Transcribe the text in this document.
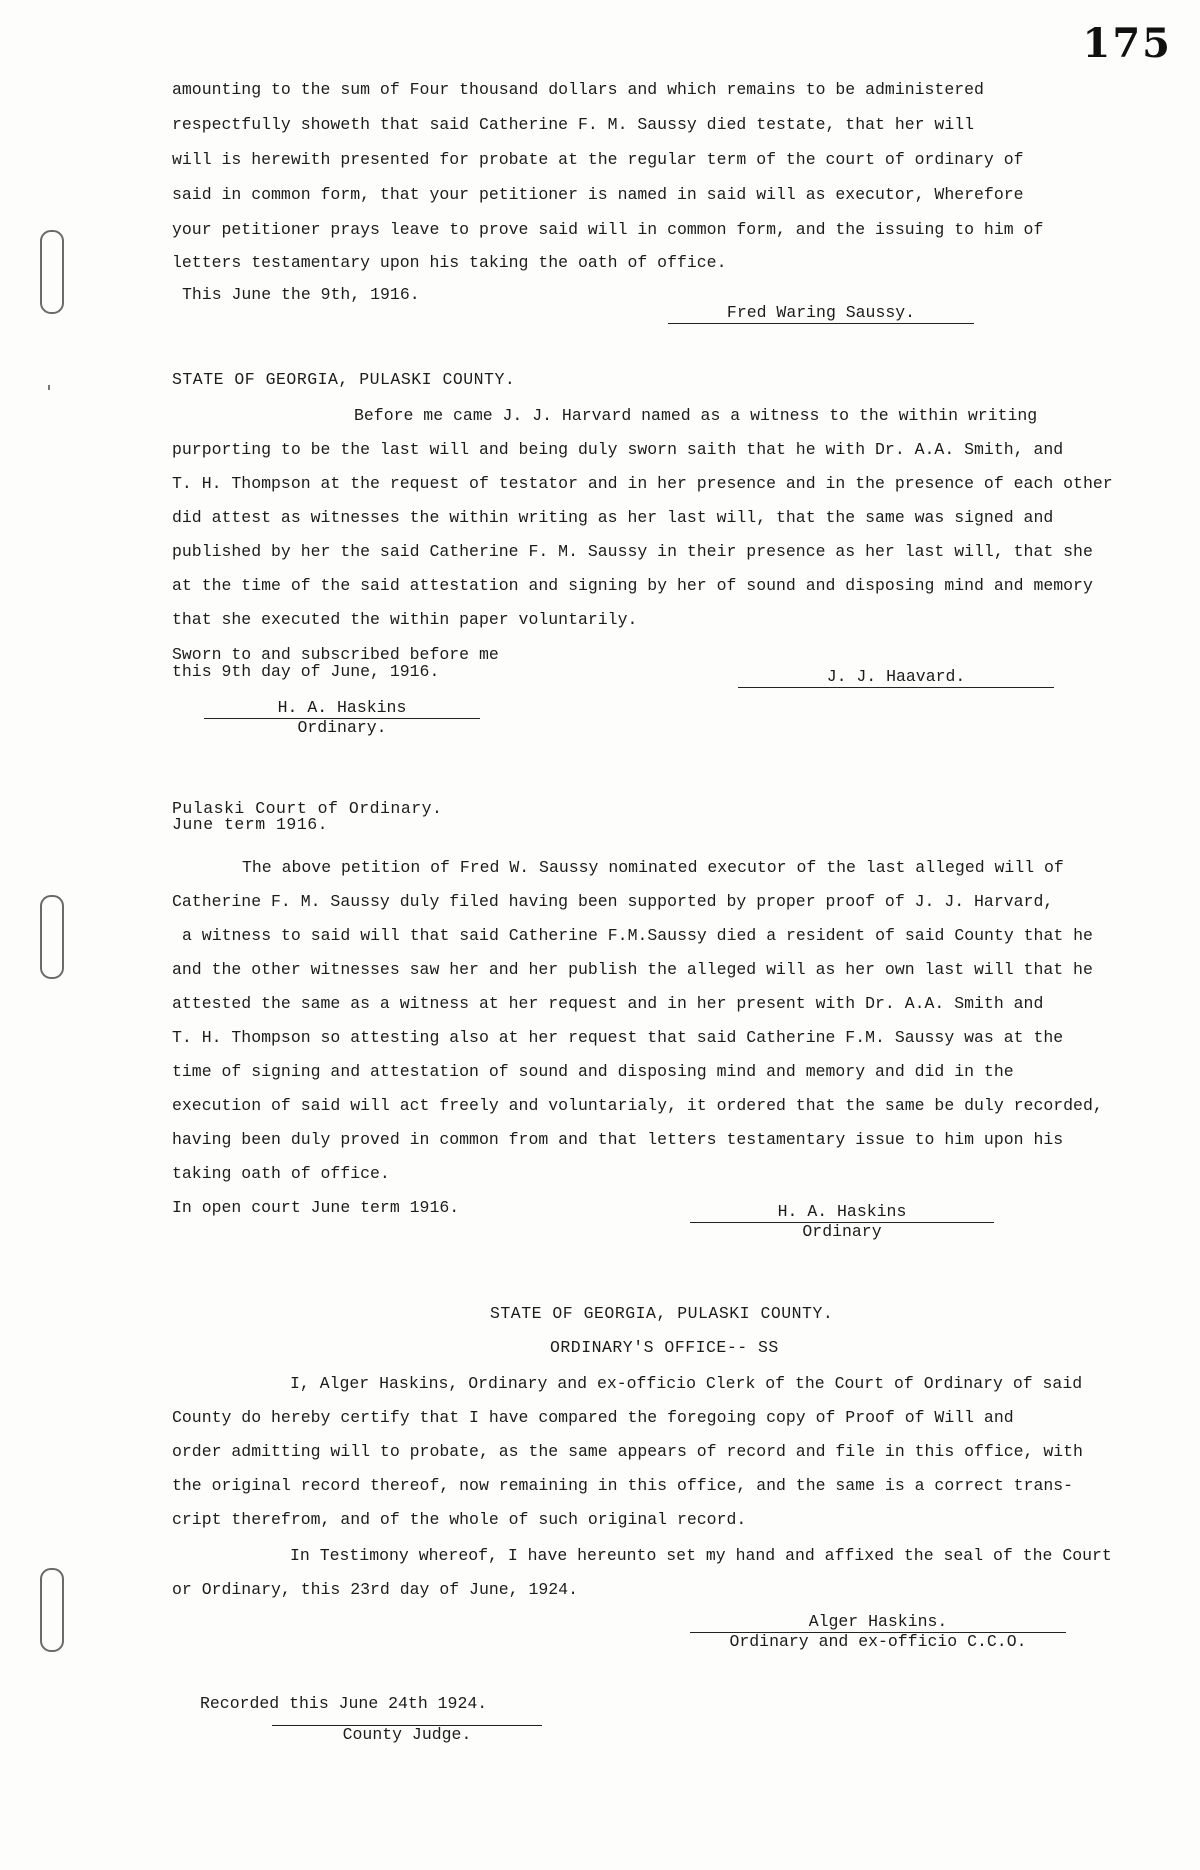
175
amounting to the sum of Four thousand dollars and which remains to be administered
respectfully showeth that said Catherine F. M. Saussy died testate, that her will
will is herewith presented for probate at the regular term of the court of ordinary of
said in common form, that your petitioner is named in said will as executor, Wherefore
your petitioner prays leave to prove said will in common form, and the issuing to him of
letters testamentary upon his taking the oath of office.
This June the 9th, 1916.
Fred Waring Saussy.
STATE OF GEORGIA, PULASKI COUNTY.
Before me came J. J. Harvard named as a witness to the within writing
purporting to be the last will and being duly sworn saith that he with Dr. A.A. Smith, and
T. H. Thompson at the request of testator and in her presence and in the presence of each other
did attest as witnesses the within writing as her last will, that the same was signed and
published by her the said Catherine F. M. Saussy in their presence as her last will, that she
at the time of the said attestation and signing by her of sound and disposing mind and memory
that she executed the within paper voluntarily.
Sworn to and subscribed before me
this 9th day of June, 1916.	J. J. Haavard.
H. A. Haskins
Ordinary.
Pulaski Court of Ordinary.
June term 1916.
The above petition of Fred W. Saussy nominated executor of the last alleged will of
Catherine F. M. Saussy duly filed having been supported by proper proof of J. J. Harvard,
a witness to said will that said Catherine F.M.Saussy died a resident of said County that he
and the other witnesses saw her and her publish the alleged will as her own last will that he
attested the same as a witness at her request and in her present with Dr. A.A. Smith and
T. H. Thompson so attesting also at her request that said Catherine F.M. Saussy was at the
time of signing and attestation of sound and disposing mind and memory and did in the
execution of said will act freely and voluntarialy, it ordered that the same be duly recorded,
having been duly proved in common from and that letters testamentary issue to him upon his
taking oath of office.
In open court June term 1916.	H. A. Haskins
Ordinary
STATE OF GEORGIA, PULASKI COUNTY.
ORDINARY'S OFFICE-- SS
I, Alger Haskins, Ordinary and ex-officio Clerk of the Court of Ordinary of said
County do hereby certify that I have compared the foregoing copy of Proof of Will and
order admitting will to probate, as the same appears of record and file in this office, with
the original record thereof, now remaining in this office, and the same is a correct trans-
cript therefrom, and of the whole of such original record.
In Testimony whereof, I have hereunto set my hand and affixed the seal of the Court
or Ordinary, this 23rd day of June, 1924.
Alger Haskins.
Ordinary and ex-officio C.C.O.
Recorded this June 24th 1924.
County Judge.
